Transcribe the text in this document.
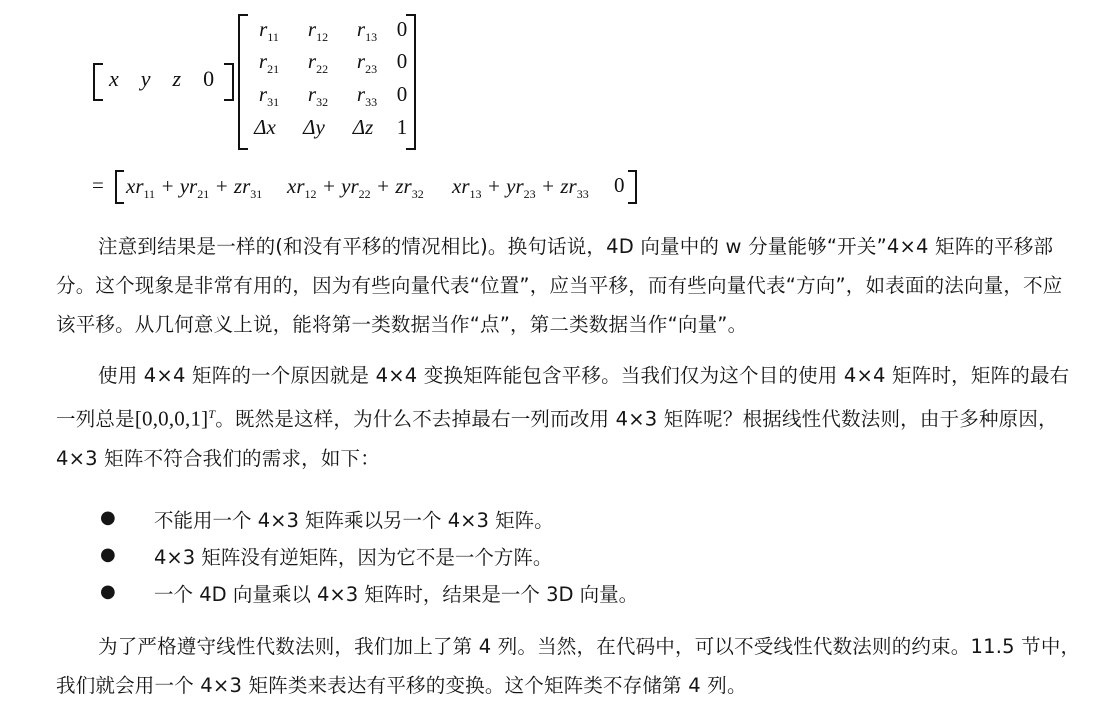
x y z 0
$r_{11}$	$r_{12}$	$r_{13}$ 0
$r_{21}$	$r_{22}$	$r_{23}$ 0
$r_{31}$	$r_{32}$	$r_{33}$ 0
Δx	Δy	Δz	1
= $xr_{11} + yr_{21} + zr_{31}$ $xr_{12} + yr_{22} + zr_{32}$ $xr_{13} + yr_{23} + zr_{33}$ 0
注意到结果是一样的(和没有平移的情况相比)。换句话说，4D 向量中的 w 分量能够“开关”4×4 矩阵的平移部分。这个现象是非常有用的，因为有些向量代表“位置”，应当平移，而有些向量代表“方向”，如表面的法向量，不应该平移。从几何意义上说，能将第一类数据当作“点”，第二类数据当作“向量”。
使用 4×4 矩阵的一个原因就是 4×4 变换矩阵能包含平移。当我们仅为这个目的使用 4×4 矩阵时，矩阵的最右一列总是$[0,0,0,1]^T$。既然是这样，为什么不去掉最右一列而改用 4×3 矩阵呢？根据线性代数法则，由于多种原因，4×3 矩阵不符合我们的需求，如下：
● 不能用一个 4×3 矩阵乘以另一个 4×3 矩阵。
● 4×3 矩阵没有逆矩阵，因为它不是一个方阵。
● 一个 4D 向量乘以 4×3 矩阵时，结果是一个 3D 向量。
为了严格遵守线性代数法则，我们加上了第 4 列。当然，在代码中，可以不受线性代数法则的约束。11.5 节中，我们就会用一个 4×3 矩阵类来表达有平移的变换。这个矩阵类不存储第 4 列。
